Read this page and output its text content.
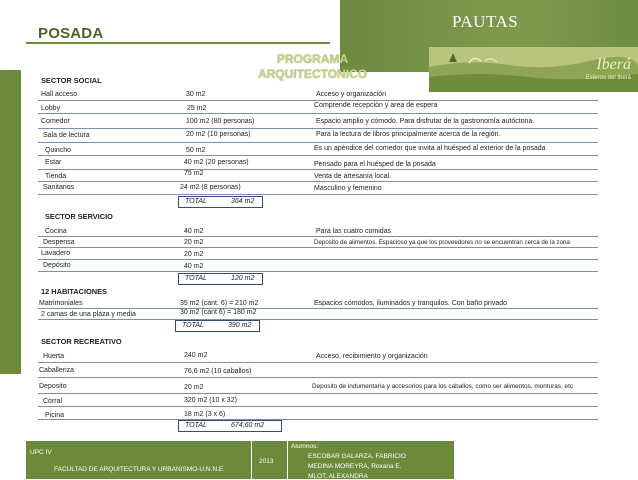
POSADA
PAUTAS
Iberá
Esteros del Iberá
PROGRAMA
ARQUITECTONICO
SECTOR SOCIAL
Hall acceso	30 m2	Acceso y organización
Lobby	25 m2	Comprende recepción y area de espera
Comedor	100 m2 (80 personas)	Espacio amplio y cómodo. Para disfrutar de la gastronomía autóctona.
Sala de lectura	20 m2 (10 personas)	Para la lectura de libros principalmente acerca de la región.
Quincho	50 m2	Es un apéndice del comedor que invita al huésped al exterior de la posada
Estar	40 m2 (20 personas)	Pensado para el huésped de la posada
Tienda	75 m2	Venta de artesanía local.
Sanitarios	24 m2 (8 personas)	Masculino y femenino
TOTAL	364 m2
SECTOR SERVICIO
Cocina	40 m2	Para las cuatro comidas
Despensa	20 m2	Deposito de alimentos. Espacioso ya que los proveedores no se encuentran cerca de la zona
Lavadero	20 m2
Depósito	40 m2
TOTAL	120 m2
12 HABITACIONES
Matrimoniales	35 m2 (cant. 6) = 210 m2	Espacios cómodos, iluminados y tranquilos. Con baño privado
2 camas de una plaza y media	30 m2 (cant 6) = 180 m2
TOTAL	390 m2
SECTOR RECREATIVO
Huerta	240 m2	Acceso, recibimiento y organización
Caballeriza	76,6 m2 (10 caballos)
Deposito	20 m2	Deposito de indumentaria y accesorios para los caballos, como ser alimentos, monturas, etc
Corral	320 m2 (10 x 32)
Picina	18 m2 (3 x 6)
TOTAL	674,60 m2
UPC IV
FACULTAD DE ARQUITECTURA Y URBANISMO-U.N.N.E
2013
Alumnos:
ESCOBAR GALARZA, FABRICIO
MEDINA MOREYRA, Roxana E.
MLOT, ALEXANDRA
